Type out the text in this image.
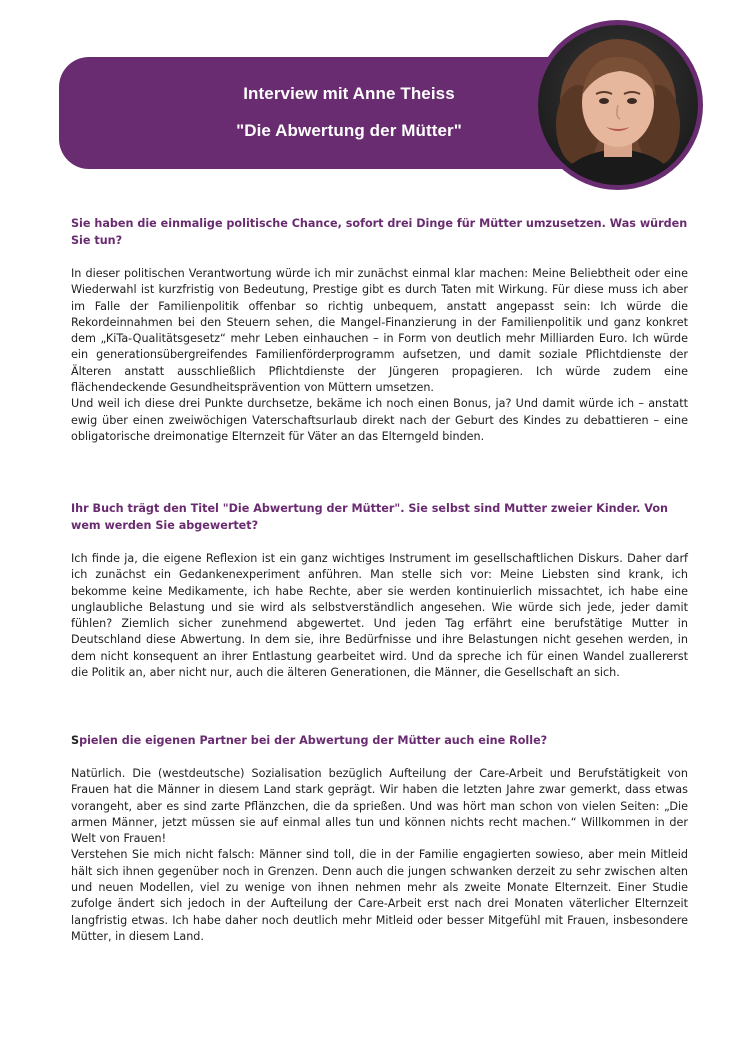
Interview mit Anne Theiss
"Die Abwertung der Mütter"

Sie haben die einmalige politische Chance, sofort drei Dinge für Mütter umzusetzen. Was würden Sie tun?

In dieser politischen Verantwortung würde ich mir zunächst einmal klar machen: Meine Beliebtheit oder eine Wiederwahl ist kurzfristig von Bedeutung, Prestige gibt es durch Taten mit Wirkung. Für diese muss ich aber im Falle der Familienpolitik offenbar so richtig unbequem, anstatt angepasst sein: Ich würde die Rekordeinnahmen bei den Steuern sehen, die Mangel-Finanzierung in der Familienpolitik und ganz konkret dem „KiTa-Qualitätsgesetz“ mehr Leben einhauchen – in Form von deutlich mehr Milliarden Euro. Ich würde ein generationsübergreifendes Familienförderprogramm aufsetzen, und damit soziale Pflichtdienste der Älteren anstatt ausschließlich Pflichtdienste der Jüngeren propagieren. Ich würde zudem eine flächendeckende Gesundheitsprävention von Müttern umsetzen.
Und weil ich diese drei Punkte durchsetze, bekäme ich noch einen Bonus, ja? Und damit würde ich – anstatt ewig über einen zweiwöchigen Vaterschaftsurlaub direkt nach der Geburt des Kindes zu debattieren – eine obligatorische dreimonatige Elternzeit für Väter an das Elterngeld binden.

Ihr Buch trägt den Titel "Die Abwertung der Mütter". Sie selbst sind Mutter zweier Kinder. Von wem werden Sie abgewertet?

Ich finde ja, die eigene Reflexion ist ein ganz wichtiges Instrument im gesellschaftlichen Diskurs. Daher darf ich zunächst ein Gedankenexperiment anführen. Man stelle sich vor: Meine Liebsten sind krank, ich bekomme keine Medikamente, ich habe Rechte, aber sie werden kontinuierlich missachtet, ich habe eine unglaubliche Belastung und sie wird als selbstverständlich angesehen. Wie würde sich jede, jeder damit fühlen? Ziemlich sicher zunehmend abgewertet. Und jeden Tag erfährt eine berufstätige Mutter in Deutschland diese Abwertung. In dem sie, ihre Bedürfnisse und ihre Belastungen nicht gesehen werden, in dem nicht konsequent an ihrer Entlastung gearbeitet wird. Und da spreche ich für einen Wandel zuallererst die Politik an, aber nicht nur, auch die älteren Generationen, die Männer, die Gesellschaft an sich.

Spielen die eigenen Partner bei der Abwertung der Mütter auch eine Rolle?

Natürlich. Die (westdeutsche) Sozialisation bezüglich Aufteilung der Care-Arbeit und Berufstätigkeit von Frauen hat die Männer in diesem Land stark geprägt. Wir haben die letzten Jahre zwar gemerkt, dass etwas vorangeht, aber es sind zarte Pflänzchen, die da sprießen. Und was hört man schon von vielen Seiten: „Die armen Männer, jetzt müssen sie auf einmal alles tun und können nichts recht machen.“ Willkommen in der Welt von Frauen!
Verstehen Sie mich nicht falsch: Männer sind toll, die in der Familie engagierten sowieso, aber mein Mitleid hält sich ihnen gegenüber noch in Grenzen. Denn auch die jungen schwanken derzeit zu sehr zwischen alten und neuen Modellen, viel zu wenige von ihnen nehmen mehr als zweite Monate Elternzeit. Einer Studie zufolge ändert sich jedoch in der Aufteilung der Care-Arbeit erst nach drei Monaten väterlicher Elternzeit langfristig etwas. Ich habe daher noch deutlich mehr Mitleid oder besser Mitgefühl mit Frauen, insbesondere Mütter, in diesem Land.
